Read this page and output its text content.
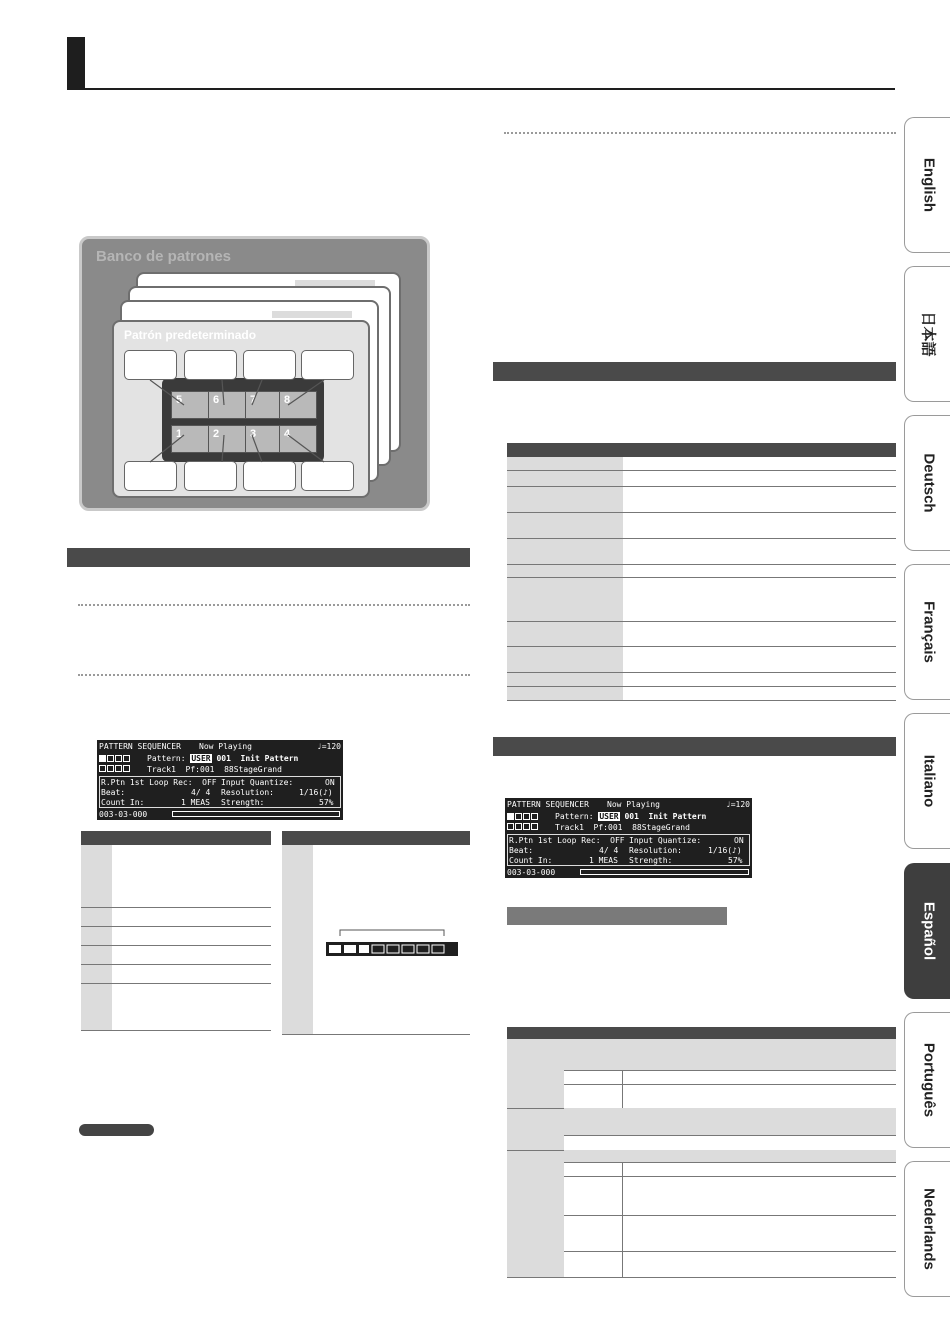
English
日本語
Deutsch
Français
Italiano
Español
Português
Nederlands
Banco de patrones
Patrón predeterminado
5	6	7	8
1	2	3	4
PATTERN SEQUENCER Now Playing	♩=120
Pattern: USER 001 Init Pattern
Track1 Pf:001 88StageGrand
R.Ptn 1st Loop Rec:  OFF Input Quantize:	ON
Beat:	4/ 4 Resolution:	1/16(♪)
Count In:	1 MEAS Strength:	57%
003-03-000
PATTERN SEQUENCER Now Playing	♩=120
Pattern: USER 001 Init Pattern
Track1 Pf:001 88StageGrand
R.Ptn 1st Loop Rec:  OFF Input Quantize:	ON
Beat:	4/ 4 Resolution:	1/16(♪)
Count In:	1 MEAS Strength:	57%
003-03-000
